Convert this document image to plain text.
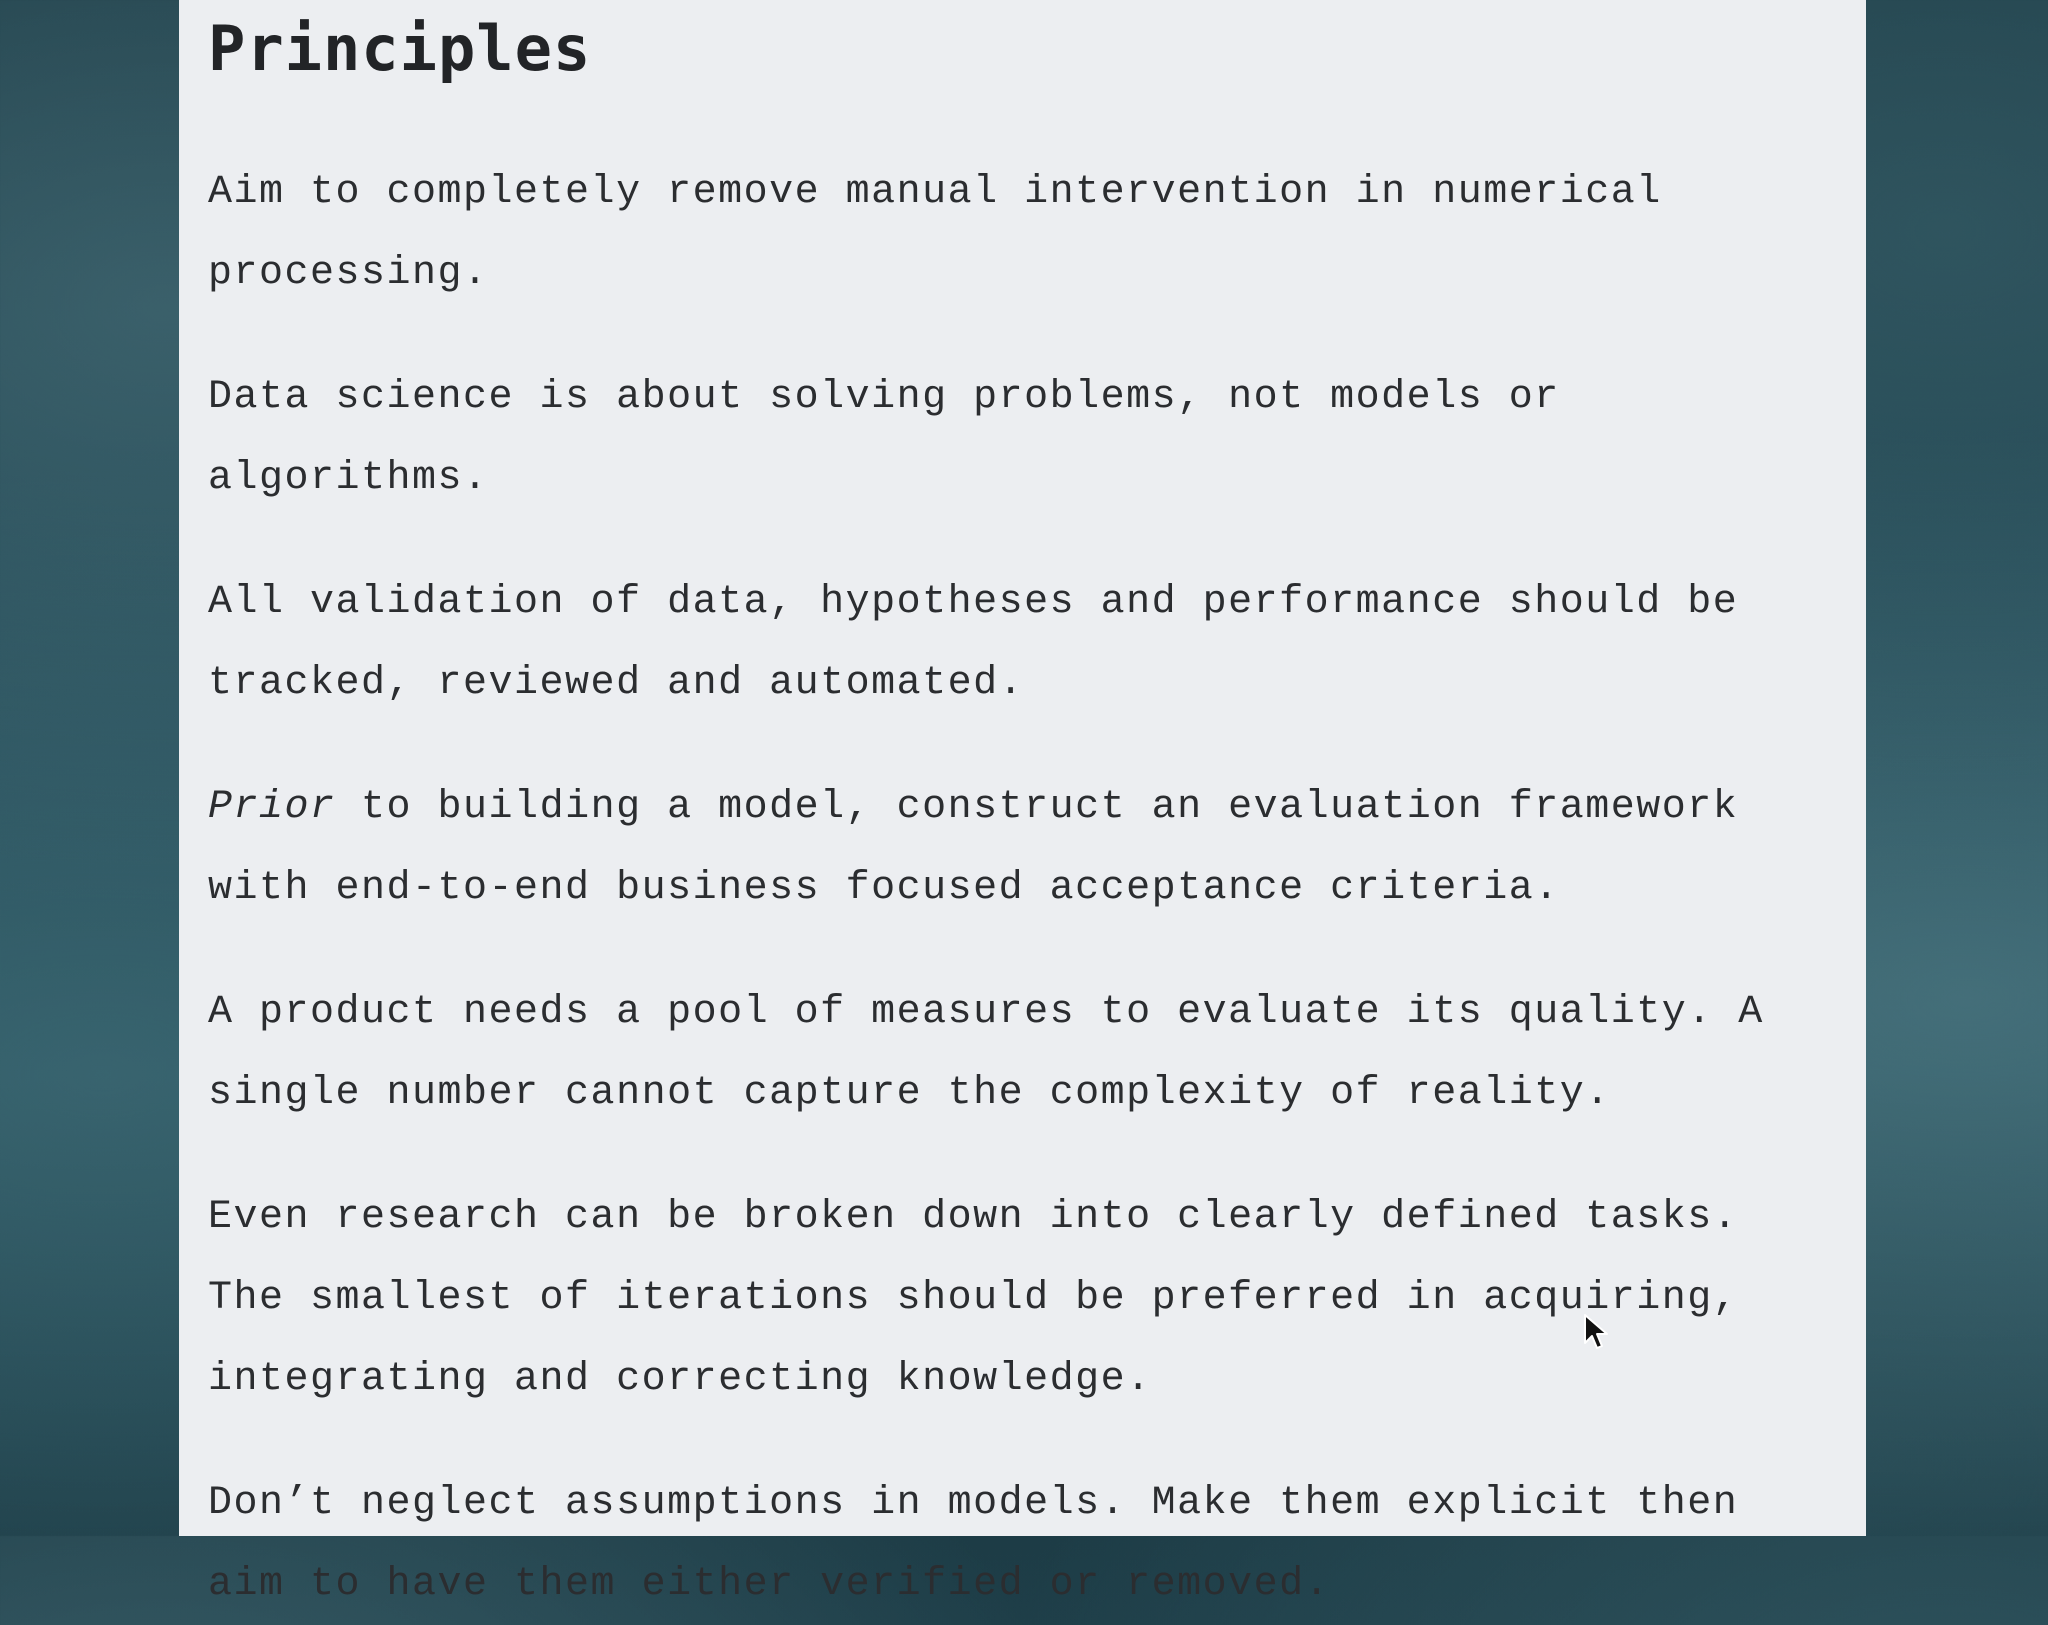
Principles
Aim to completely remove manual intervention in numerical processing.
Data science is about solving problems, not models or algorithms.
All validation of data, hypotheses and performance should be tracked, reviewed and automated.
Prior to building a model, construct an evaluation framework with end-to-end business focused acceptance criteria.
A product needs a pool of measures to evaluate its quality. A single number cannot capture the complexity of reality.
Even research can be broken down into clearly defined tasks. The smallest of iterations should be preferred in acquiring, integrating and correcting knowledge.
Don’t neglect assumptions in models. Make them explicit then aim to have them either verified or removed.
